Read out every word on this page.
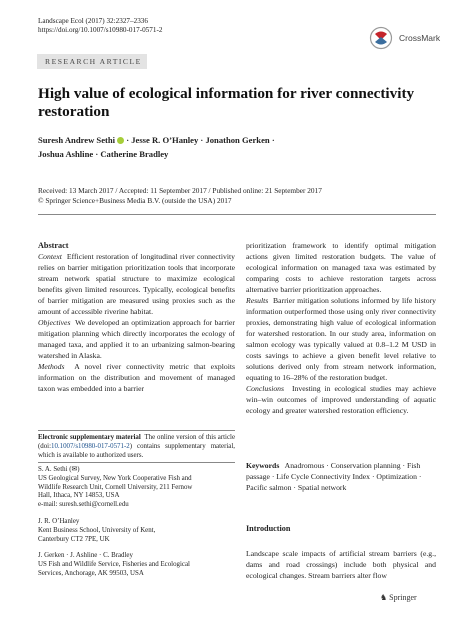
Landscape Ecol (2017) 32:2327–2336
https://doi.org/10.1007/s10980-017-0571-2
CrossMark
RESEARCH ARTICLE
High value of ecological information for river connectivity restoration
Suresh Andrew Sethi · Jesse R. O’Hanley · Jonathon Gerken ·
Joshua Ashline · Catherine Bradley
Received: 13 March 2017 / Accepted: 11 September 2017 / Published online: 21 September 2017
© Springer Science+Business Media B.V. (outside the USA) 2017

Abstract

Context Efficient restoration of longitudinal river connectivity relies on barrier mitigation prioritization tools that incorporate stream network spatial structure to maximize ecological benefits given limited resources. Typically, ecological benefits of barrier mitigation are measured using proxies such as the amount of accessible riverine habitat.

Objectives We developed an optimization approach for barrier mitigation planning which directly incorporates the ecology of managed taxa, and applied it to an urbanizing salmon-bearing watershed in Alaska.

Methods A novel river connectivity metric that exploits information on the distribution and movement of managed taxon was embedded into a barrier

prioritization framework to identify optimal mitigation actions given limited restoration budgets. The value of ecological information on managed taxa was estimated by comparing costs to achieve restoration targets across alternative barrier prioritization approaches.

Results Barrier mitigation solutions informed by life history information outperformed those using only river connectivity proxies, demonstrating high value of ecological information for watershed restoration. In our study area, information on salmon ecology was typically valued at 0.8–1.2 M USD in costs savings to achieve a given benefit level relative to solutions derived only from stream network information, equating to 16–28% of the restoration budget.

Conclusions Investing in ecological studies may achieve win–win outcomes of improved understanding of aquatic ecology and greater watershed restoration efficiency.

Electronic supplementary material The online version of this article (doi:10.1007/s10980-017-0571-2) contains supplementary material, which is available to authorized users.
S. A. Sethi (✉)
US Geological Survey, New York Cooperative Fish and
Wildlife Research Unit, Cornell University, 211 Fernow
Hall, Ithaca, NY 14853, USA
e-mail: suresh.sethi@cornell.edu
J. R. O’Hanley
Kent Business School, University of Kent,
Canterbury CT2 7PE, UK
J. Gerken · J. Ashline · C. Bradley
US Fish and Wildlife Service, Fisheries and Ecological
Services, Anchorage, AK 99503, USA
Keywords Anadromous · Conservation planning · Fish passage · Life Cycle Connectivity Index · Optimization · Pacific salmon · Spatial network
Introduction
Landscape scale impacts of artificial stream barriers (e.g., dams and road crossings) include both physical and ecological changes. Stream barriers alter flow
♞ Springer
